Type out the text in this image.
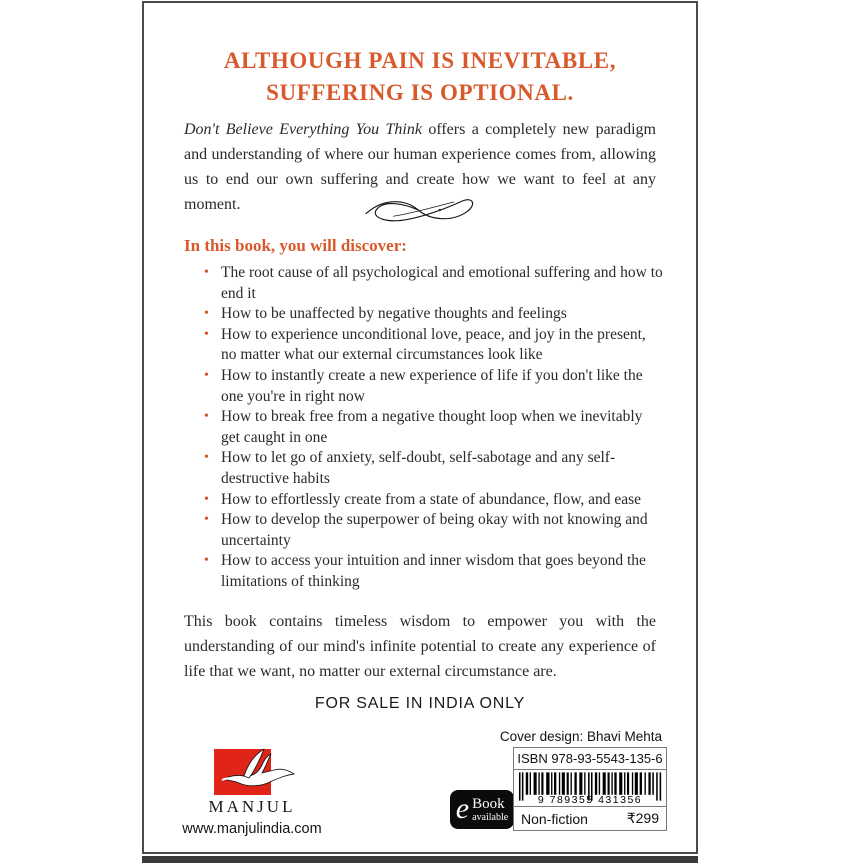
ALTHOUGH PAIN IS INEVITABLE,
SUFFERING IS OPTIONAL.

Don't Believe Everything You Think offers a completely new paradigm and understanding of where our human experience comes from, allowing us to end our own suffering and create how we want to feel at any moment.

In this book, you will discover:
• The root cause of all psychological and emotional suffering and how to end it
• How to be unaffected by negative thoughts and feelings
• How to experience unconditional love, peace, and joy in the present, no matter what our external circumstances look like
• How to instantly create a new experience of life if you don't like the one you're in right now
• How to break free from a negative thought loop when we inevitably get caught in one
• How to let go of anxiety, self-doubt, self-sabotage and any self-destructive habits
• How to effortlessly create from a state of abundance, flow, and ease
• How to develop the superpower of being okay with not knowing and uncertainty
• How to access your intuition and inner wisdom that goes beyond the limitations of thinking

This book contains timeless wisdom to empower you with the understanding of our mind's infinite potential to create any experience of life that we want, no matter our external circumstance are.

FOR SALE IN INDIA ONLY
Cover design: Bhavi Mehta
MANJUL
www.manjulindia.com
e Book
available
ISBN 978-93-5543-135-6
9 789355 431356
Non-fiction	₹299
